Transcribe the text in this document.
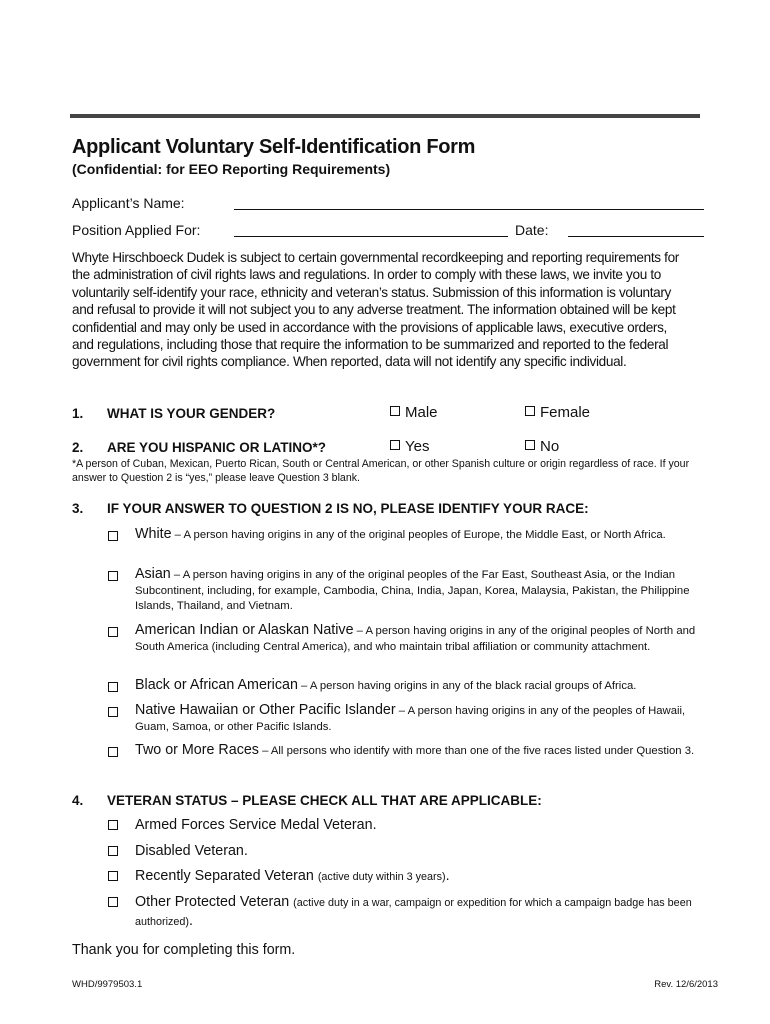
Applicant Voluntary Self-Identification Form
(Confidential: for EEO Reporting Requirements)
Applicant’s Name:
Position Applied For:	Date:
Whyte Hirschboeck Dudek is subject to certain governmental recordkeeping and reporting requirements for the administration of civil rights laws and regulations. In order to comply with these laws, we invite you to voluntarily self-identify your race, ethnicity and veteran’s status. Submission of this information is voluntary and refusal to provide it will not subject you to any adverse treatment. The information obtained will be kept confidential and may only be used in accordance with the provisions of applicable laws, executive orders, and regulations, including those that require the information to be summarized and reported to the federal government for civil rights compliance. When reported, data will not identify any specific individual.
1. WHAT IS YOUR GENDER?	Male	Female
2. ARE YOU HISPANIC OR LATINO*?	Yes	No
*A person of Cuban, Mexican, Puerto Rican, South or Central American, or other Spanish culture or origin regardless of race. If your answer to Question 2 is “yes,” please leave Question 3 blank.
3. IF YOUR ANSWER TO QUESTION 2 IS NO, PLEASE IDENTIFY YOUR RACE:
White – A person having origins in any of the original peoples of Europe, the Middle East, or North Africa.
Asian – A person having origins in any of the original peoples of the Far East, Southeast Asia, or the Indian Subcontinent, including, for example, Cambodia, China, India, Japan, Korea, Malaysia, Pakistan, the Philippine Islands, Thailand, and Vietnam.
American Indian or Alaskan Native – A person having origins in any of the original peoples of North and South America (including Central America), and who maintain tribal affiliation or community attachment.
Black or African American – A person having origins in any of the black racial groups of Africa.
Native Hawaiian or Other Pacific Islander – A person having origins in any of the peoples of Hawaii, Guam, Samoa, or other Pacific Islands.
Two or More Races – All persons who identify with more than one of the five races listed under Question 3.
4. VETERAN STATUS – PLEASE CHECK ALL THAT ARE APPLICABLE:
Armed Forces Service Medal Veteran.
Disabled Veteran.
Recently Separated Veteran (active duty within 3 years).
Other Protected Veteran (active duty in a war, campaign or expedition for which a campaign badge has been authorized).
Thank you for completing this form.
WHD/9979503.1	Rev. 12/6/2013
